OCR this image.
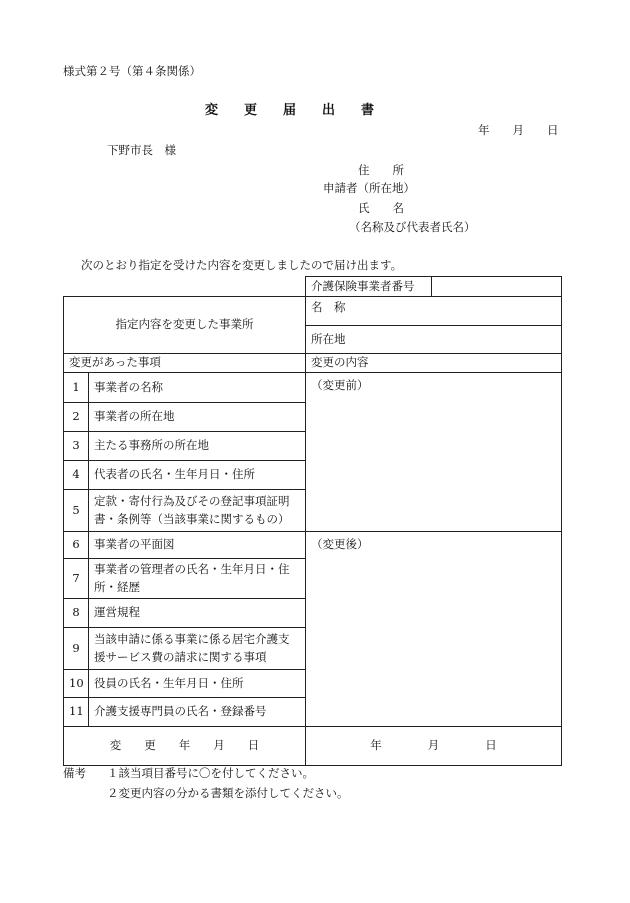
様式第２号（第４条関係）
変　　更　　届　　出　　書
年　　月　　日
下野市長　様
住　　所
申請者（所在地）
氏　　名
（名称及び代表者氏名）
次のとおり指定を受けた内容を変更しましたので届け出ます。
		介護保険事業者番号	
指定内容を変更した事業所		名　称	
		所在地	
変更があった事項		変更の内容	
1	事業者の名称	（変更前）	
2	事業者の所在地		
3	主たる事務所の所在地		
4	代表者の氏名・生年月日・住所		
5	定款・寄付行為及びその登記事項証明書・条例等（当該事業に関するもの）		
6	事業者の平面図	（変更後）	
7	事業者の管理者の氏名・生年月日・住所・経歴		
8	運営規程		
9	当該申請に係る事業に係る居宅介護支援サービス費の請求に関する事項		
10	役員の氏名・生年月日・住所		
11	介護支援専門員の氏名・登録番号		
変　　更　　年　　月　　日		年　　　　月　　　　日	
備考 １該当項目番号に〇を付してください。
２変更内容の分かる書類を添付してください。
